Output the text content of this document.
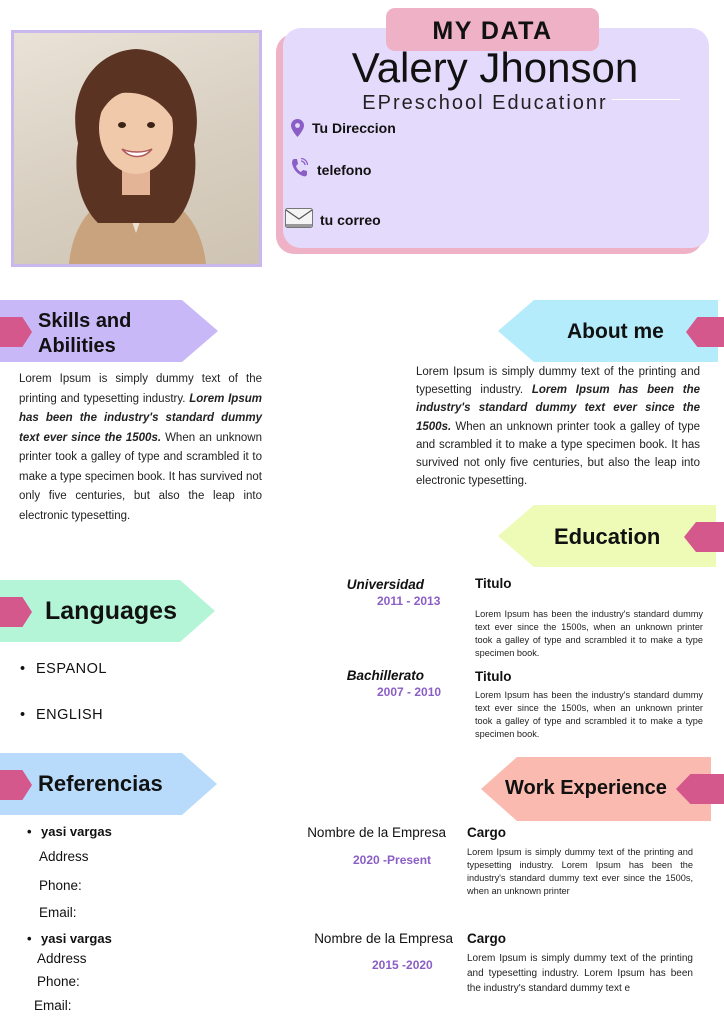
MY DATA
Valery Jhonson
EPreschool Educationr
Tu Direccion
telefono
tu correo
Skills and
Abilities
Lorem Ipsum is simply dummy text of the printing and typesetting industry. Lorem Ipsum has been the industry's standard dummy text ever since the 1500s. When an unknown printer took a galley of type and scrambled it to make a type specimen book. It has survived not only five centuries, but also the leap into electronic typesetting.
About me
Lorem Ipsum is simply dummy text of the printing and typesetting industry. Lorem Ipsum has been the industry's standard dummy text ever since the 1500s. When an unknown printer took a galley of type and scrambled it to make a type specimen book. It has survived not only five centuries, but also the leap into electronic typesetting.
Education
Universidad
2011 - 2013
Titulo
Lorem Ipsum has been the industry's standard dummy text ever since the 1500s, when an unknown printer took a galley of type and scrambled it to make a type specimen book.
Bachillerato
2007 - 2010
Titulo
Lorem Ipsum has been the industry's standard dummy text ever since the 1500s, when an unknown printer took a galley of type and scrambled it to make a type specimen book.
Languages
• ESPANOL
• ENGLISH
Referencias
• yasi vargas
Address
Phone:
Email:
• yasi vargas
Address
Phone:
Email:
Work Experience
Nombre de la Empresa
2020 -Present
Cargo
Lorem Ipsum is simply dummy text of the printing and typesetting industry. Lorem Ipsum has been the industry's standard dummy text ever since the 1500s, when an unknown printer
Nombre de la Empresa
2015 -2020
Cargo
Lorem Ipsum is simply dummy text of the printing and typesetting industry. Lorem Ipsum has been the industry's standard dummy text e
